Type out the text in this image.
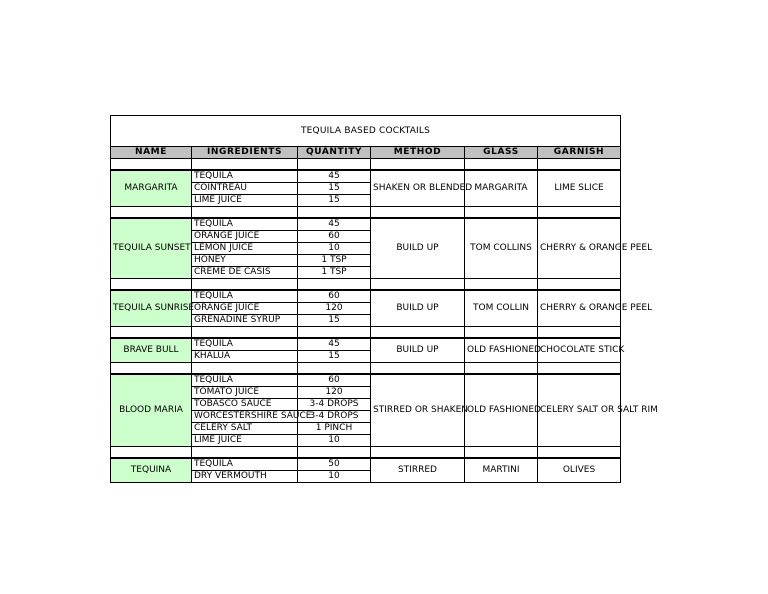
TEQUILA BASED COCKTAILS					
NAME	INGREDIENTS	QUANTITY	METHOD	GLASS	GARNISH

MARGARITA	TEQUILA	45	SHAKEN OR BLENDED	MARGARITA	LIME SLICE
	COINTREAU	15			
	LIME JUICE	15			

TEQUILA SUNSET	TEQUILA	45	BUILD UP	TOM COLLINS	CHERRY & ORANGE PEEL
	ORANGE JUICE	60			
	LEMON JUICE	10			
	HONEY	1 TSP			
	CRÈME DE CASIS	1 TSP			

TEQUILA SUNRISE	TEQUILA	60	BUILD UP	TOM COLLIN	CHERRY & ORANGE PEEL
	ORANGE JUICE	120			
	GRENADINE SYRUP	15			

BRAVE BULL	TEQUILA	45	BUILD UP	OLD FASHIONED	CHOCOLATE STICK
	KHALUA	15			

BLOOD MARIA	TEQUILA	60	STIRRED OR SHAKEN	OLD FASHIONED	CELERY SALT OR SALT RIM
	TOMATO JUICE	120			
	TOBASCO SAUCE	3-4 DROPS			
	WORCESTERSHIRE SAUCE	3-4 DROPS			
	CELERY SALT	1 PINCH			
	LIME JUICE	10			

TEQUINA	TEQUILA	50	STIRRED	MARTINI	OLIVES
	DRY VERMOUTH	10			
